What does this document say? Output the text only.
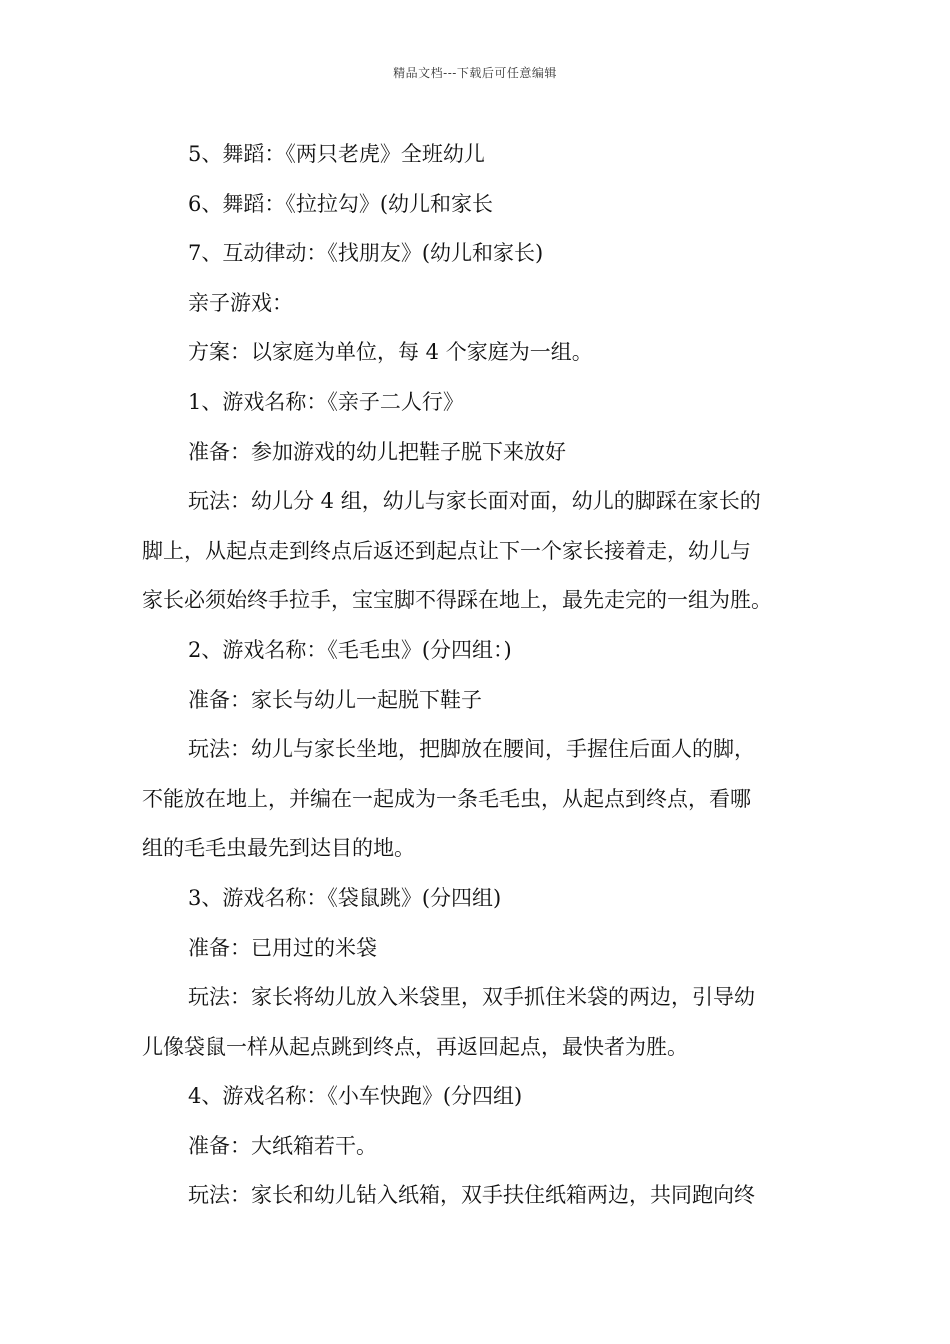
精品文档---下载后可任意编辑

5、舞蹈：《两只老虎》全班幼儿

6、舞蹈：《拉拉勾》(幼儿和家长

7、互动律动：《找朋友》(幼儿和家长)

亲子游戏：

方案：以家庭为单位，每 4 个家庭为一组。

1、游戏名称：《亲子二人行》

准备：参加游戏的幼儿把鞋子脱下来放好

玩法：幼儿分 4 组，幼儿与家长面对面，幼儿的脚踩在家长的

脚上，从起点走到终点后返还到起点让下一个家长接着走，幼儿与

家长必须始终手拉手，宝宝脚不得踩在地上，最先走完的一组为胜。

2、游戏名称：《毛毛虫》(分四组：)

准备：家长与幼儿一起脱下鞋子

玩法：幼儿与家长坐地，把脚放在腰间，手握住后面人的脚，

不能放在地上，并编在一起成为一条毛毛虫，从起点到终点，看哪

组的毛毛虫最先到达目的地。

3、游戏名称：《袋鼠跳》(分四组)

准备：已用过的米袋

玩法：家长将幼儿放入米袋里，双手抓住米袋的两边，引导幼

儿像袋鼠一样从起点跳到终点，再返回起点，最快者为胜。

4、游戏名称：《小车快跑》(分四组)

准备：大纸箱若干。

玩法：家长和幼儿钻入纸箱，双手扶住纸箱两边，共同跑向终
